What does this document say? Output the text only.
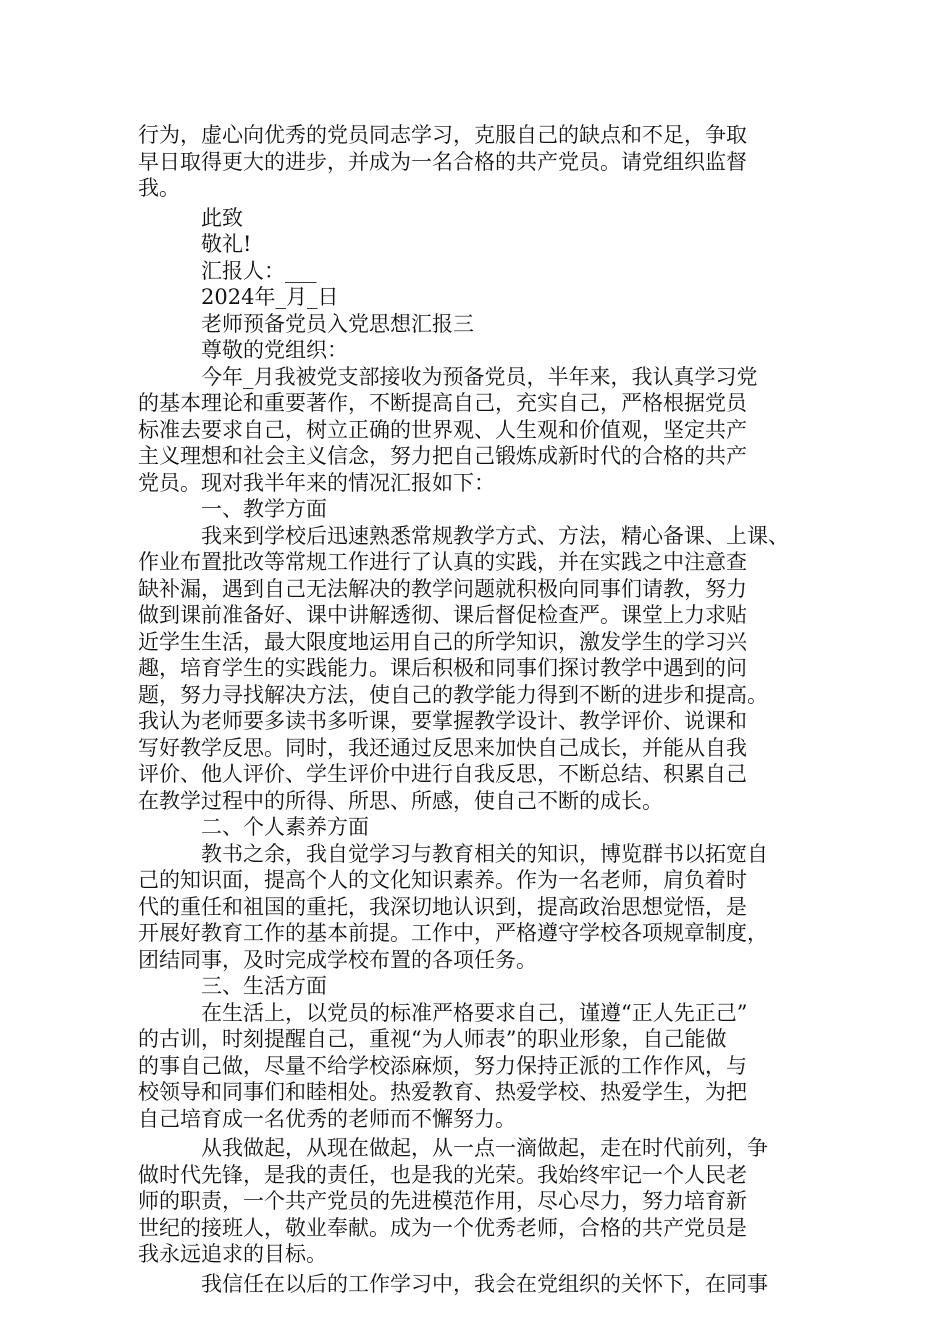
行为，虚心向优秀的党员同志学习，克服自己的缺点和不足，争取
早日取得更大的进步，并成为一名合格的共产党员。请党组织监督
我。
此致
敬礼!
汇报人：___
2024年_月_日
老师预备党员入党思想汇报三
尊敬的党组织：
今年_月我被党支部接收为预备党员，半年来，我认真学习党
的基本理论和重要著作，不断提高自己，充实自己，严格根据党员
标准去要求自己，树立正确的世界观、人生观和价值观，坚定共产
主义理想和社会主义信念，努力把自己锻炼成新时代的合格的共产
党员。现对我半年来的情况汇报如下：
一、教学方面
我来到学校后迅速熟悉常规教学方式、方法，精心备课、上课、
作业布置批改等常规工作进行了认真的实践，并在实践之中注意查
缺补漏，遇到自己无法解决的教学问题就积极向同事们请教，努力
做到课前准备好、课中讲解透彻、课后督促检查严。课堂上力求贴
近学生生活，最大限度地运用自己的所学知识，激发学生的学习兴
趣，培育学生的实践能力。课后积极和同事们探讨教学中遇到的问
题，努力寻找解决方法，使自己的教学能力得到不断的进步和提高。
我认为老师要多读书多听课，要掌握教学设计、教学评价、说课和
写好教学反思。同时，我还通过反思来加快自己成长，并能从自我
评价、他人评价、学生评价中进行自我反思，不断总结、积累自己
在教学过程中的所得、所思、所感，使自己不断的成长。
二、个人素养方面
教书之余，我自觉学习与教育相关的知识，博览群书以拓宽自
己的知识面，提高个人的文化知识素养。作为一名老师，肩负着时
代的重任和祖国的重托，我深切地认识到，提高政治思想觉悟，是
开展好教育工作的基本前提。工作中，严格遵守学校各项规章制度，
团结同事，及时完成学校布置的各项任务。
三、生活方面
在生活上，以党员的标准严格要求自己，谨遵“正人先正己”
的古训，时刻提醒自己，重视“为人师表”的职业形象，自己能做
的事自己做，尽量不给学校添麻烦，努力保持正派的工作作风，与
校领导和同事们和睦相处。热爱教育、热爱学校、热爱学生，为把
自己培育成一名优秀的老师而不懈努力。
从我做起，从现在做起，从一点一滴做起，走在时代前列，争
做时代先锋，是我的责任，也是我的光荣。我始终牢记一个人民老
师的职责，一个共产党员的先进模范作用，尽心尽力，努力培育新
世纪的接班人，敬业奉献。成为一个优秀老师，合格的共产党员是
我永远追求的目标。
我信任在以后的工作学习中，我会在党组织的关怀下，在同事
